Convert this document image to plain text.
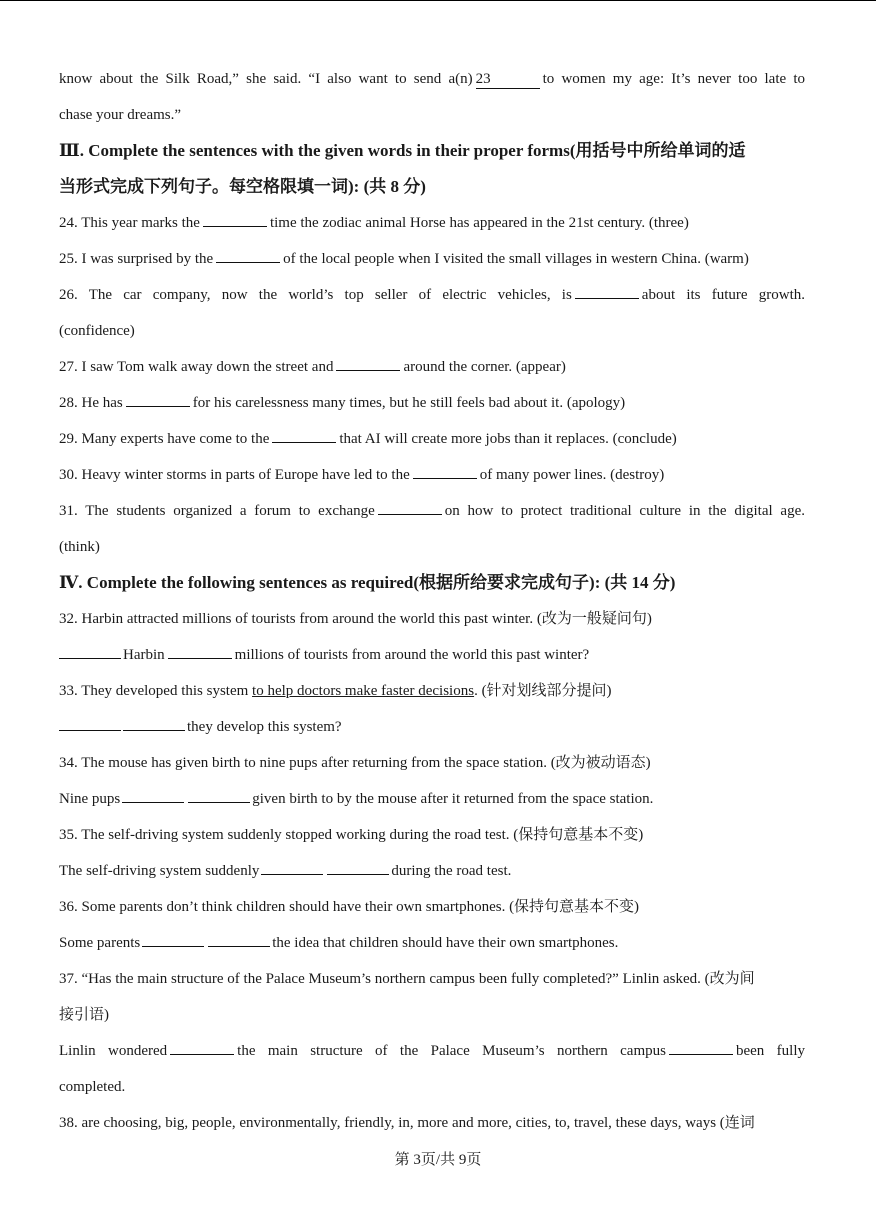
know about the Silk Road,” she said. “I also want to send a(n) 23	to women my age: It’s never too late to
chase your dreams.”
Ⅲ. Complete the sentences with the given words in their proper forms(用括号中所给单词的适
当形式完成下列句子。每空格限填一词): (共 8 分)
24. This year marks the	time the zodiac animal Horse has appeared in the 21st century. (three)
25. I was surprised by the	of the local people when I visited the small villages in western China. (warm)
26. The car company, now the world’s top seller of electric vehicles, is	about its future growth.
(confidence)
27. I saw Tom walk away down the street and	around the corner. (appear)
28. He has	for his carelessness many times, but he still feels bad about it. (apology)
29. Many experts have come to the	that AI will create more jobs than it replaces. (conclude)
30. Heavy winter storms in parts of Europe have led to the	of many power lines. (destroy)
31. The students organized a forum to exchange	on how to protect traditional culture in the digital age.
(think)
Ⅳ. Complete the following sentences as required(根据所给要求完成句子): (共 14 分)
32. Harbin attracted millions of tourists from around the world this past winter. (改为一般疑问句)
Harbin	millions of tourists from around the world this past winter?
33. They developed this system to help doctors make faster decisions. (针对划线部分提问)
they develop this system?
34. The mouse has given birth to nine pups after returning from the space station. (改为被动语态)
Nine pups	given birth to by the mouse after it returned from the space station.
35. The self-driving system suddenly stopped working during the road test. (保持句意基本不变)
The self-driving system suddenly	during the road test.
36. Some parents don’t think children should have their own smartphones. (保持句意基本不变)
Some parents	the idea that children should have their own smartphones.
37. “Has the main structure of the Palace Museum’s northern campus been fully completed?” Linlin asked. (改为间
接引语)
Linlin wondered	the main structure of the Palace Museum’s northern campus	been fully
completed.
38. are choosing, big, people, environmentally, friendly, in, more and more, cities, to, travel, these days, ways (连词
第 3页/共 9页
